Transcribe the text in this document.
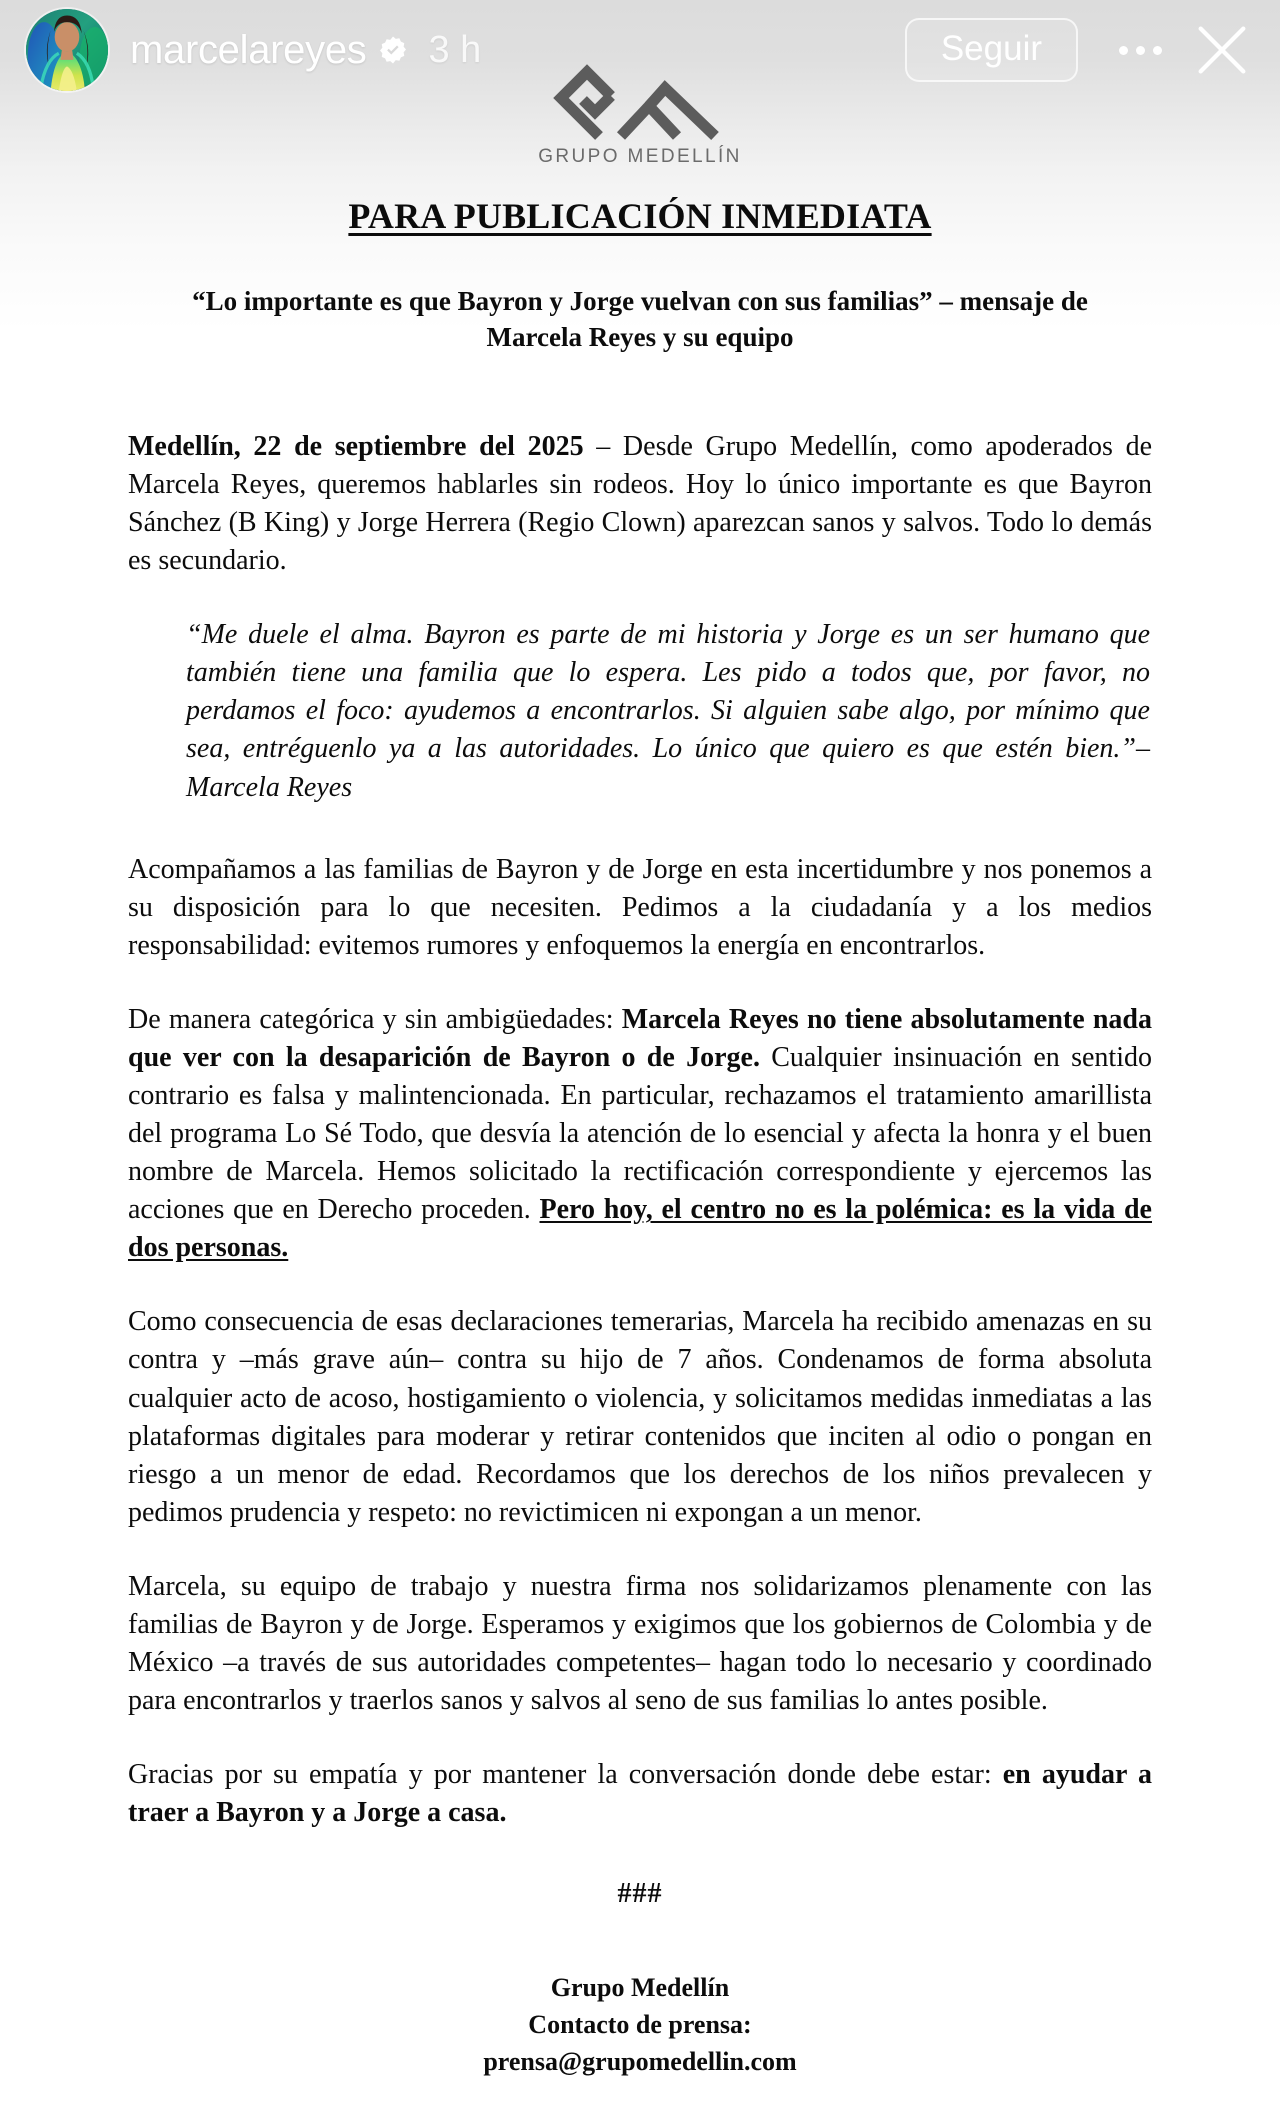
GRUPO MEDELLÍN
marcelareyes 3 h	Seguir
PARA PUBLICACIÓN INMEDIATA
“Lo importante es que Bayron y Jorge vuelvan con sus familias” – mensaje de Marcela Reyes y su equipo

Medellín, 22 de septiembre del 2025 – Desde Grupo Medellín, como apoderados de Marcela Reyes, queremos hablarles sin rodeos. Hoy lo único importante es que Bayron Sánchez (B King) y Jorge Herrera (Regio Clown) aparezcan sanos y salvos. Todo lo demás es secundario.

“Me duele el alma. Bayron es parte de mi historia y Jorge es un ser humano que también tiene una familia que lo espera. Les pido a todos que, por favor, no perdamos el foco: ayudemos a encontrarlos. Si alguien sabe algo, por mínimo que sea, entréguenlo ya a las autoridades. Lo único que quiero es que estén bien.”– Marcela Reyes

Acompañamos a las familias de Bayron y de Jorge en esta incertidumbre y nos ponemos a su disposición para lo que necesiten. Pedimos a la ciudadanía y a los medios responsabilidad: evitemos rumores y enfoquemos la energía en encontrarlos.

De manera categórica y sin ambigüedades: Marcela Reyes no tiene absolutamente nada que ver con la desaparición de Bayron o de Jorge. Cualquier insinuación en sentido contrario es falsa y malintencionada. En particular, rechazamos el tratamiento amarillista del programa Lo Sé Todo, que desvía la atención de lo esencial y afecta la honra y el buen nombre de Marcela. Hemos solicitado la rectificación correspondiente y ejercemos las acciones que en Derecho proceden. Pero hoy, el centro no es la polémica: es la vida de dos personas.

Como consecuencia de esas declaraciones temerarias, Marcela ha recibido amenazas en su contra y –más grave aún– contra su hijo de 7 años. Condenamos de forma absoluta cualquier acto de acoso, hostigamiento o violencia, y solicitamos medidas inmediatas a las plataformas digitales para moderar y retirar contenidos que inciten al odio o pongan en riesgo a un menor de edad. Recordamos que los derechos de los niños prevalecen y pedimos prudencia y respeto: no revictimicen ni expongan a un menor.

Marcela, su equipo de trabajo y nuestra firma nos solidarizamos plenamente con las familias de Bayron y de Jorge. Esperamos y exigimos que los gobiernos de Colombia y de México –a través de sus autoridades competentes– hagan todo lo necesario y coordinado para encontrarlos y traerlos sanos y salvos al seno de sus familias lo antes posible.

Gracias por su empatía y por mantener la conversación donde debe estar: en ayudar a traer a Bayron y a Jorge a casa.

###
Grupo Medellín
Contacto de prensa:
prensa@grupomedellin.com
